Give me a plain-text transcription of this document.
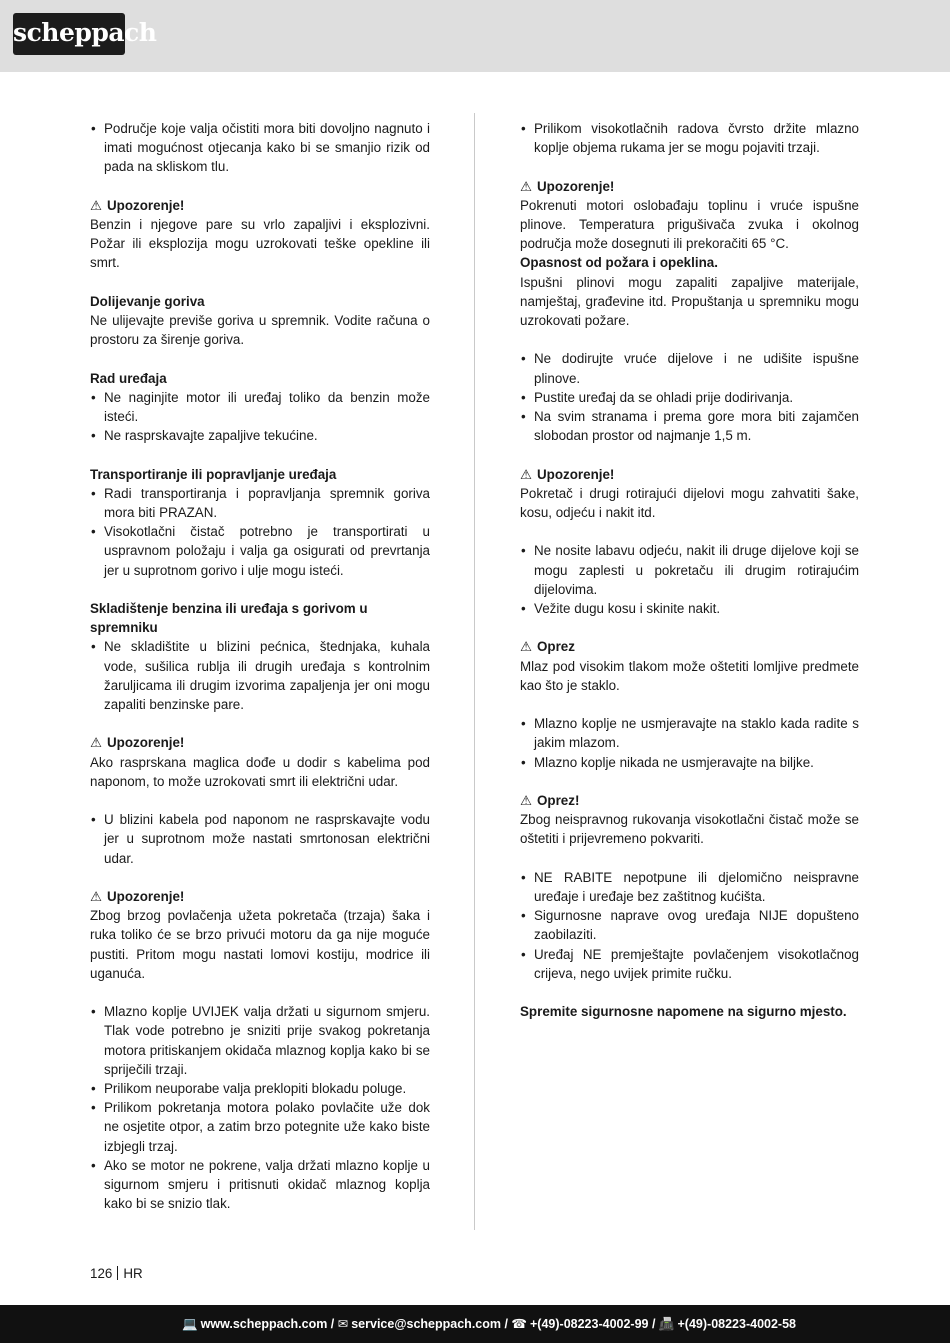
scheppach

• Područje koje valja očistiti mora biti dovoljno nagnuto i imati mogućnost otjecanja kako bi se smanjio rizik od pada na skliskom tlu.

⚠ Upozorenje!

Benzin i njegove pare su vrlo zapaljivi i eksplozivni. Požar ili eksplozija mogu uzrokovati teške opekline ili smrt.

Dolijevanje goriva

Ne ulijevajte previše goriva u spremnik. Vodite računa o prostoru za širenje goriva.

Rad uređaja

• Ne naginjite motor ili uređaj toliko da benzin može isteći.

• Ne rasprskavajte zapaljive tekućine.

Transportiranje ili popravljanje uređaja

• Radi transportiranja i popravljanja spremnik goriva mora biti PRAZAN.

• Visokotlačni čistač potrebno je transportirati u uspravnom položaju i valja ga osigurati od prevrtanja jer u suprotnom gorivo i ulje mogu isteći.

Skladištenje benzina ili uređaja s gorivom u spremniku

• Ne skladištite u blizini pećnica, štednjaka, kuhala vode, sušilica rublja ili drugih uređaja s kontrolnim žaruljicama ili drugim izvorima zapaljenja jer oni mogu zapaliti benzinske pare.

⚠ Upozorenje!

Ako rasprskana maglica dođe u dodir s kabelima pod naponom, to može uzrokovati smrt ili električni udar.

• U blizini kabela pod naponom ne rasprskavajte vodu jer u suprotnom može nastati smrtonosan električni udar.

⚠ Upozorenje!

Zbog brzog povlačenja užeta pokretača (trzaja) šaka i ruka toliko će se brzo privući motoru da ga nije moguće pustiti. Pritom mogu nastati lomovi kostiju, modrice ili uganuća.

• Mlazno koplje UVIJEK valja držati u sigurnom smjeru. Tlak vode potrebno je sniziti prije svakog pokretanja motora pritiskanjem okidača mlaznog koplja kako bi se spriječili trzaji.

• Prilikom neuporabe valja preklopiti blokadu poluge.

• Prilikom pokretanja motora polako povlačite uže dok ne osjetite otpor, a zatim brzo potegnite uže kako biste izbjegli trzaj.

• Ako se motor ne pokrene, valja držati mlazno koplje u sigurnom smjeru i pritisnuti okidač mlaznog koplja kako bi se snizio tlak.

• Prilikom visokotlačnih radova čvrsto držite mlazno koplje objema rukama jer se mogu pojaviti trzaji.

⚠ Upozorenje!

Pokrenuti motori oslobađaju toplinu i vruće ispušne plinove. Temperatura prigušivača zvuka i okolnog područja može dosegnuti ili prekoračiti 65 °C.

Opasnost od požara i opeklina.

Ispušni plinovi mogu zapaliti zapaljive materijale, namještaj, građevine itd. Propuštanja u spremniku mogu uzrokovati požare.

• Ne dodirujte vruće dijelove i ne udišite ispušne plinove.

• Pustite uređaj da se ohladi prije dodirivanja.

• Na svim stranama i prema gore mora biti zajamčen slobodan prostor od najmanje 1,5 m.

⚠ Upozorenje!

Pokretač i drugi rotirajući dijelovi mogu zahvatiti šake, kosu, odjeću i nakit itd.

• Ne nosite labavu odjeću, nakit ili druge dijelove koji se mogu zaplesti u pokretaču ili drugim rotirajućim dijelovima.

• Vežite dugu kosu i skinite nakit.

⚠ Oprez

Mlaz pod visokim tlakom može oštetiti lomljive predmete kao što je staklo.

• Mlazno koplje ne usmjeravajte na staklo kada radite s jakim mlazom.

• Mlazno koplje nikada ne usmjeravajte na biljke.

⚠ Oprez!

Zbog neispravnog rukovanja visokotlačni čistač može se oštetiti i prijevremeno pokvariti.

• NE RABITE nepotpune ili djelomično neispravne uređaje i uređaje bez zaštitnog kućišta.

• Sigurnosne naprave ovog uređaja NIJE dopušteno zaobilaziti.

• Uređaj NE premještajte povlačenjem visokotlačnog crijeva, nego uvijek primite ručku.

Spremite sigurnosne napomene na sigurno mjesto.

126 HR
💻 www.scheppach.com / ✉ service@scheppach.com / ☎ +(49)-08223-4002-99 / 📠 +(49)-08223-4002-58
